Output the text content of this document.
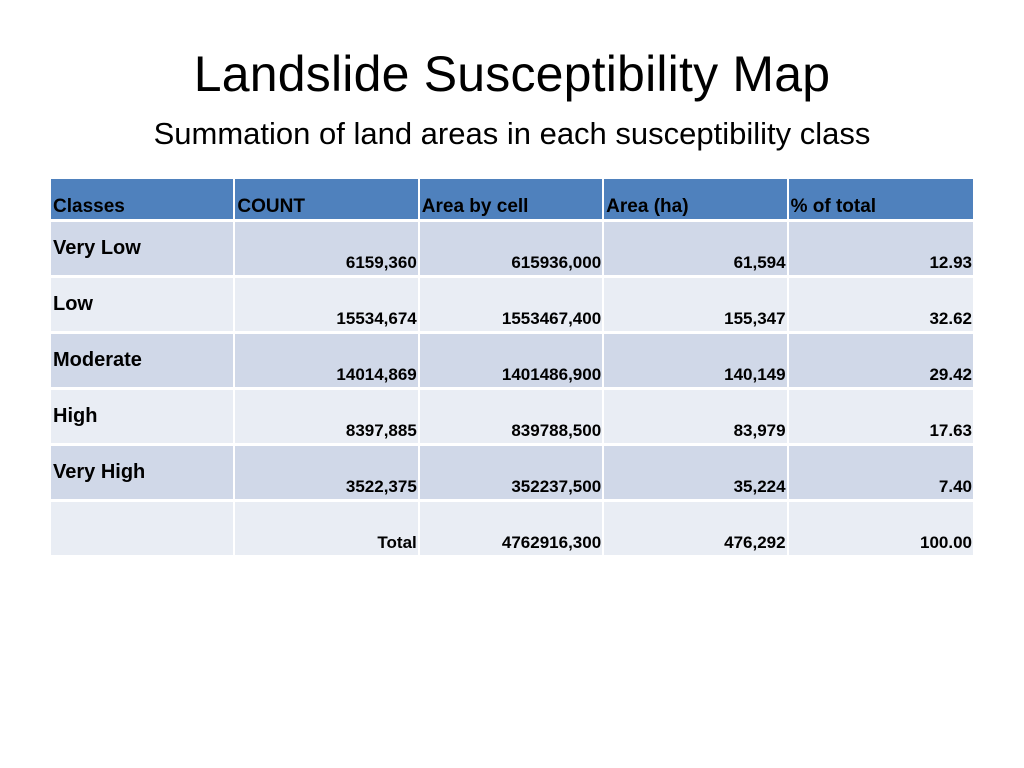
Landslide Susceptibility Map
Summation of land areas in each susceptibility class
Classes	COUNT	Area by cell	Area (ha)	% of total
Very Low	6159,360	615936,000	61,594	12.93
Low	15534,674	1553467,400	155,347	32.62
Moderate	14014,869	1401486,900	140,149	29.42
High	8397,885	839788,500	83,979	17.63
Very High	3522,375	352237,500	35,224	7.40
	Total	4762916,300	476,292	100.00
